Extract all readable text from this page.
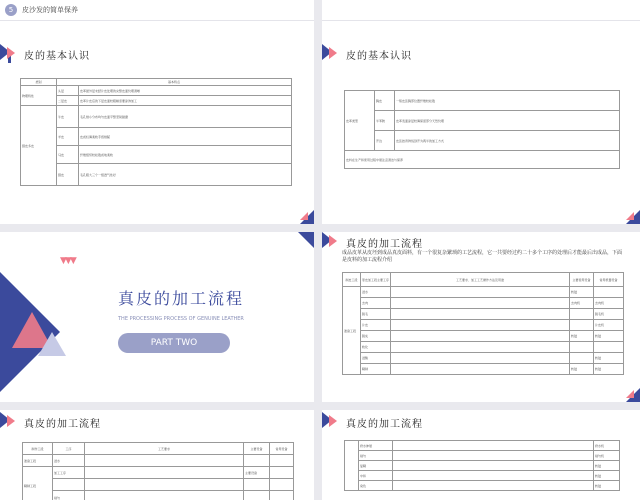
5	皮沙发的简单保养
皮的基本认识
类别	基本特点	
物理特性	头层	皮革最外层未经片皮处理的完整皮面纹理清晰
	二层皮	皮革片皮后的下层皮面较粗糙需要涂饰加工
猪皮多皮	牛皮	毛孔细小分布均匀皮面平整坚韧耐磨
	羊皮	皮质轻薄柔软手感细腻
	马皮	纤维组织较松散质地柔软
	猪皮	毛孔粗大三个一组透气性好
皮的基本认识
皮革类型	胸皮	一般皮张胸部位置纤维较松散
	半苯胺	皮革表面涂层较薄保留部分天然纹理
	开边	皮张按背脊线剖开为两半的加工方式
皮料在生产和使用过程中须注意清洁与保养		
▼▼▼
真皮的加工流程
THE PROCESSING PROCESS OF GENUINE LEATHER
PART TWO
真皮的加工流程
成品皮革从皮坯到成品真皮面料，有一个很复杂繁琐的工艺流程，它一共要经过约二十多个工序的处理后才能最后出成品，下面是皮料的加工流程介绍
制皮工段	原皮加工段主要工序	工艺要求、加工工艺操作方法及用途	主要使用设备	常用机器设备
准备工段	浸水		转鼓	
	去肉		去肉机	去肉机
	脱毛			脱毛机
	片皮			片皮机
	脱灰		转鼓	转鼓
	软化			
	浸酸			转鼓
	鞣制		转鼓	转鼓
真皮的加工流程
制作工段	工序	工艺要求	主要设备	常用设备
准备工段	浸水			
鞣制工段	加工工序		主要设备	

	削匀			
真皮的加工流程
	挤水伸展		挤水机
	削匀		削匀机
	复鞣		转鼓
	中和		转鼓
	染色		转鼓
